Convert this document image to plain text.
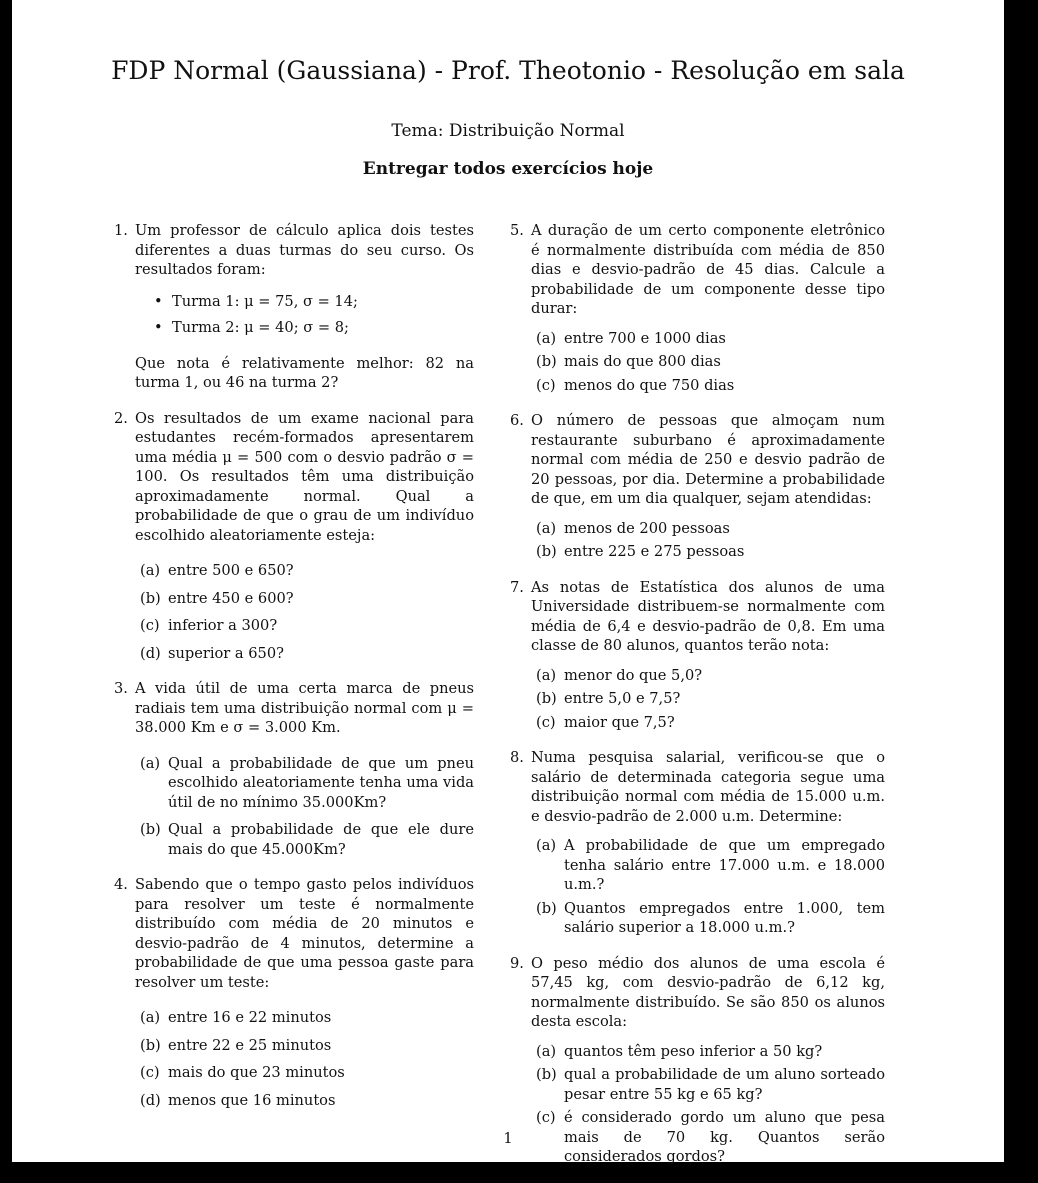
FDP Normal (Gaussiana) - Prof. Theotonio - Resolução em sala
Tema: Distribuição Normal
Entregar todos exercícios hoje
1. Um professor de cálculo aplica dois testes diferentes a duas turmas do seu curso. Os resultados foram:
• Turma 1: μ = 75, σ = 14;
• Turma 2: μ = 40; σ = 8;
Que nota é relativamente melhor: 82 na turma 1, ou 46 na turma 2?
2. Os resultados de um exame nacional para estudantes recém-formados apresentarem uma média μ = 500 com o desvio padrão σ = 100. Os resultados têm uma distribuição aproximadamente normal. Qual a probabilidade de que o grau de um indivíduo escolhido aleatoriamente esteja:
(a) entre 500 e 650?
(b) entre 450 e 600?
(c) inferior a 300?
(d) superior a 650?
3. A vida útil de uma certa marca de pneus radiais tem uma distribuição normal com μ = 38.000 Km e σ = 3.000 Km.
(a) Qual a probabilidade de que um pneu escolhido aleatoriamente tenha uma vida útil de no mínimo 35.000Km?
(b) Qual a probabilidade de que ele dure mais do que 45.000Km?
4. Sabendo que o tempo gasto pelos indivíduos para resolver um teste é normalmente distribuído com média de 20 minutos e desvio-padrão de 4 minutos, determine a probabilidade de que uma pessoa gaste para resolver um teste:
(a) entre 16 e 22 minutos
(b) entre 22 e 25 minutos
(c) mais do que 23 minutos
(d) menos que 16 minutos
5. A duração de um certo componente eletrônico é normalmente distribuída com média de 850 dias e desvio-padrão de 45 dias. Calcule a probabilidade de um componente desse tipo durar:
(a) entre 700 e 1000 dias
(b) mais do que 800 dias
(c) menos do que 750 dias
6. O número de pessoas que almoçam num restaurante suburbano é aproximadamente normal com média de 250 e desvio padrão de 20 pessoas, por dia. Determine a probabilidade de que, em um dia qualquer, sejam atendidas:
(a) menos de 200 pessoas
(b) entre 225 e 275 pessoas
7. As notas de Estatística dos alunos de uma Universidade distribuem-se normalmente com média de 6,4 e desvio-padrão de 0,8. Em uma classe de 80 alunos, quantos terão nota:
(a) menor do que 5,0?
(b) entre 5,0 e 7,5?
(c) maior que 7,5?
8. Numa pesquisa salarial, verificou-se que o salário de determinada categoria segue uma distribuição normal com média de 15.000 u.m. e desvio-padrão de 2.000 u.m. Determine:
(a) A probabilidade de que um empregado tenha salário entre 17.000 u.m. e 18.000 u.m.?
(b) Quantos empregados entre 1.000, tem salário superior a 18.000 u.m.?
9. O peso médio dos alunos de uma escola é 57,45 kg, com desvio-padrão de 6,12 kg, normalmente distribuído. Se são 850 os alunos desta escola:
(a) quantos têm peso inferior a 50 kg?
(b) qual a probabilidade de um aluno sorteado pesar entre 55 kg e 65 kg?
(c) é considerado gordo um aluno que pesa mais de 70 kg. Quantos serão considerados gordos?
1
